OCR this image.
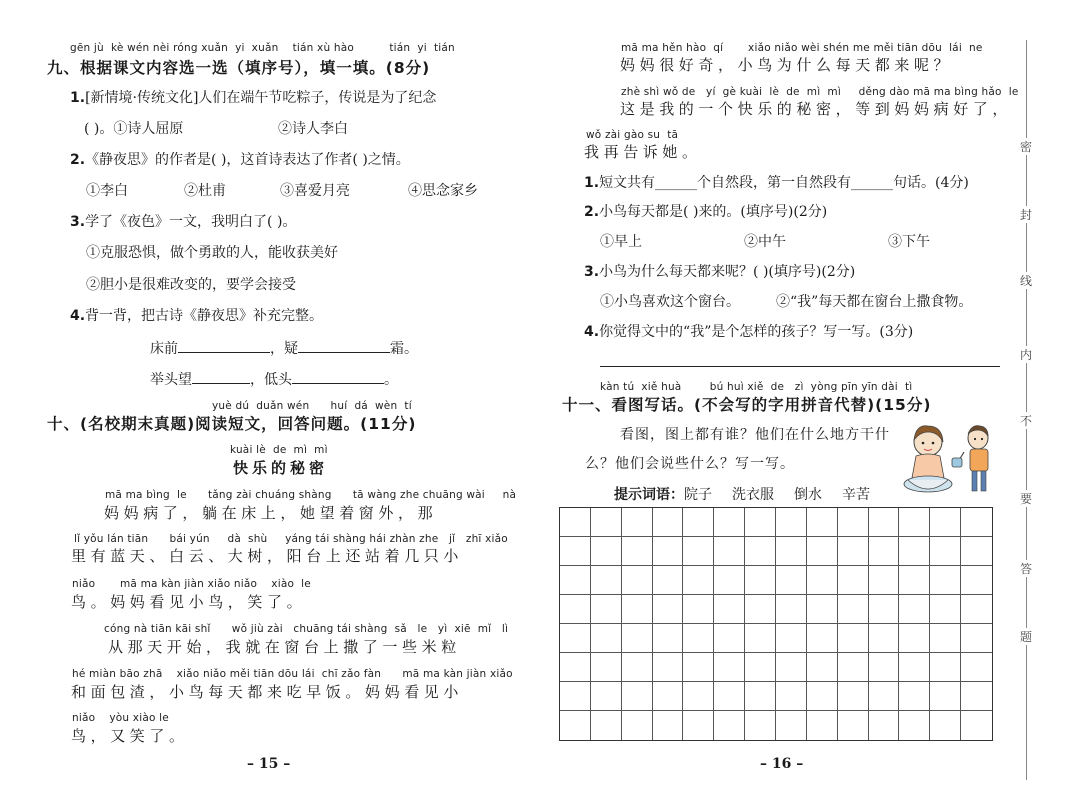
gēn jù  kè wén nèi róng xuǎn  yi  xuǎn    tián xù hào          tián  yi  tián
九、根据课文内容选一选（填序号），填一填。(8分)
1.[新情境·传统文化]人们在端午节吃粽子，传说是为了纪念
( )。①诗人屈原	②诗人李白
2.《静夜思》的作者是( )，这首诗表达了作者( )之情。
①李白	②杜甫	③喜爱月亮	④思念家乡
3.学了《夜色》一文，我明白了( )。
①克服恐惧，做个勇敢的人，能收获美好
②胆小是很难改变的，要学会接受
4.背一背，把古诗《静夜思》补充完整。
床前	，疑	霜。
举头望	，低头	。
yuè dú  duǎn wén      huí  dá  wèn  tí
十、(名校期末真题)阅读短文，回答问题。(11分)
kuài lè  de  mì  mì
快乐的秘密
mā ma bìng  le      tǎng zài chuáng shàng      tā wàng zhe chuāng wài     nà
妈妈病了，躺在床上，她望着窗外，那
lǐ yǒu lán tiān      bái yún     dà  shù     yáng tái shàng hái zhàn zhe   jǐ   zhī xiǎo
里有蓝天、白云、大树，阳台上还站着几只小
niǎo       mā ma kàn jiàn xiǎo niǎo    xiào  le
鸟。妈妈看见小鸟，笑了。
cóng nà tiān kāi shǐ      wǒ jiù zài   chuāng tái shàng  sǎ   le   yì  xiē  mǐ   lì
从那天开始，我就在窗台上撒了一些米粒
hé miàn bāo zhā    xiǎo niǎo měi tiān dōu lái  chī zǎo fàn      mā ma kàn jiàn xiǎo
和面包渣，小鸟每天都来吃早饭。妈妈看见小
niǎo    yòu xiào le
鸟，又笑了。
– 15 –
mā ma hěn hào  qí       xiǎo niǎo wèi shén me měi tiān dōu  lái  ne
妈妈很好奇，小鸟为什么每天都来呢？
zhè shì wǒ de   yí  gè kuài  lè  de  mì  mì     děng dào mā ma bìng hǎo  le
这是我的一个快乐的秘密，等到妈妈病好了，
wǒ zài gào su  tā
我再告诉她。
1.短文共有______个自然段，第一自然段有______句话。(4分)
2.小鸟每天都是( )来的。(填序号)(2分)
①早上	②中午	③下午
3.小鸟为什么每天都来呢？( )(填序号)(2分)
①小鸟喜欢这个窗台。	②“我”每天都在窗台上撒食物。
4.你觉得文中的“我”是个怎样的孩子？写一写。(3分)
kàn tú  xiě huà        bú huì xiě  de   zì  yòng pīn yīn dài  tì
十一、看图写话。(不会写的字用拼音代替)(15分)
看图，图上都有谁？他们在什么地方干什
么？他们会说些什么？写一写。
提示词语：院子 洗衣服 倒水 辛苦
– 16 –
密
封
线
内
不
要
答
题
